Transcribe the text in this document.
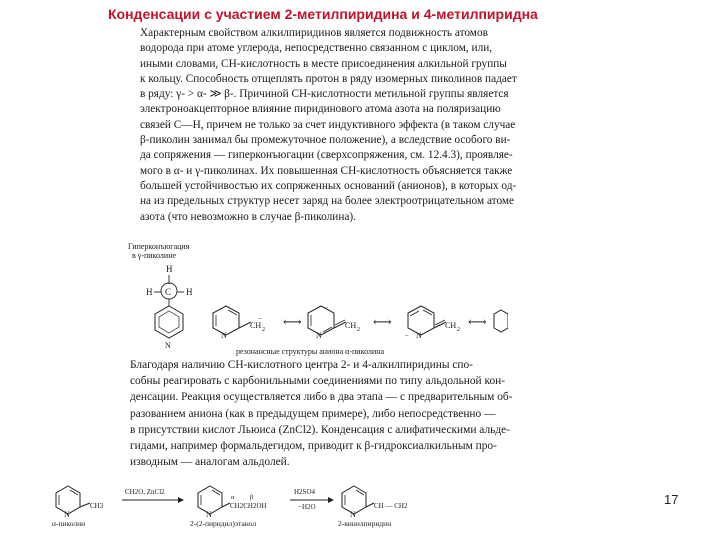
Конденсации с участием 2-метилпиридина и 4-метилпиридна

Характерным свойством алкилпиридинов является подвижность атомов
водорода при атоме углерода, непосредственно связанном с циклом, или,
иными словами, СН-кислотность в месте присоединения алкильной группы
к кольцу. Способность отщеплять протон в ряду изомерных пиколинов падает
в ряду: γ- > α- ≫ β-. Причиной СН-кислотности метильной группы является
электроноакцепторное влияние пиридинового атома азота на поляризацию
связей С—Н, причем не только за счет индуктивного эффекта (в таком случае
β-пиколин занимал бы промежуточное положение), а вследствие особого ви-
да сопряжения — гиперконъюгации (сверхсопряжения, см. 12.4.3), проявляе-
мого в α- и γ-пиколинах. Их повышенная СН-кислотность объясняется также
большей устойчивостью их сопряженных оснований (анионов), в которых од-
на из предельных структур несет заряд на более электроотрицательном атоме
азота (что невозможно в случае β-пиколина).

Гиперконъюгация
в γ-пиколине
H
C
H	H
N
N
CH 2
− ⟷
N
CH 2
−
⟷
N
CH 2
−
⟷
резонансные структуры аниона α-пиколина

Благодаря наличию СН-кислотного центра 2- и 4-алкилпиридины спо-
собны реагировать с карбонильными соединениями по типу альдольной кон-
денсации. Реакция осуществляется либо в два этапа — с предварительным об-
разованием аниона (как в предыдущем примере), либо непосредственно —
в присутствии кислот Льюиса (ZnCl2). Конденсация с алифатическими альде-
гидами, например формальдегидом, приводит к β-гидроксиалкильным про-
изводным — аналогам альдолей.

N
CH3
α-пиколин
CH2O, ZnCl2
N
CH2CH2OH
α β
2-(2-пиридил)этанол
H2SO4
−H2O
N
CH — CH2
2-винилпиридин
17
